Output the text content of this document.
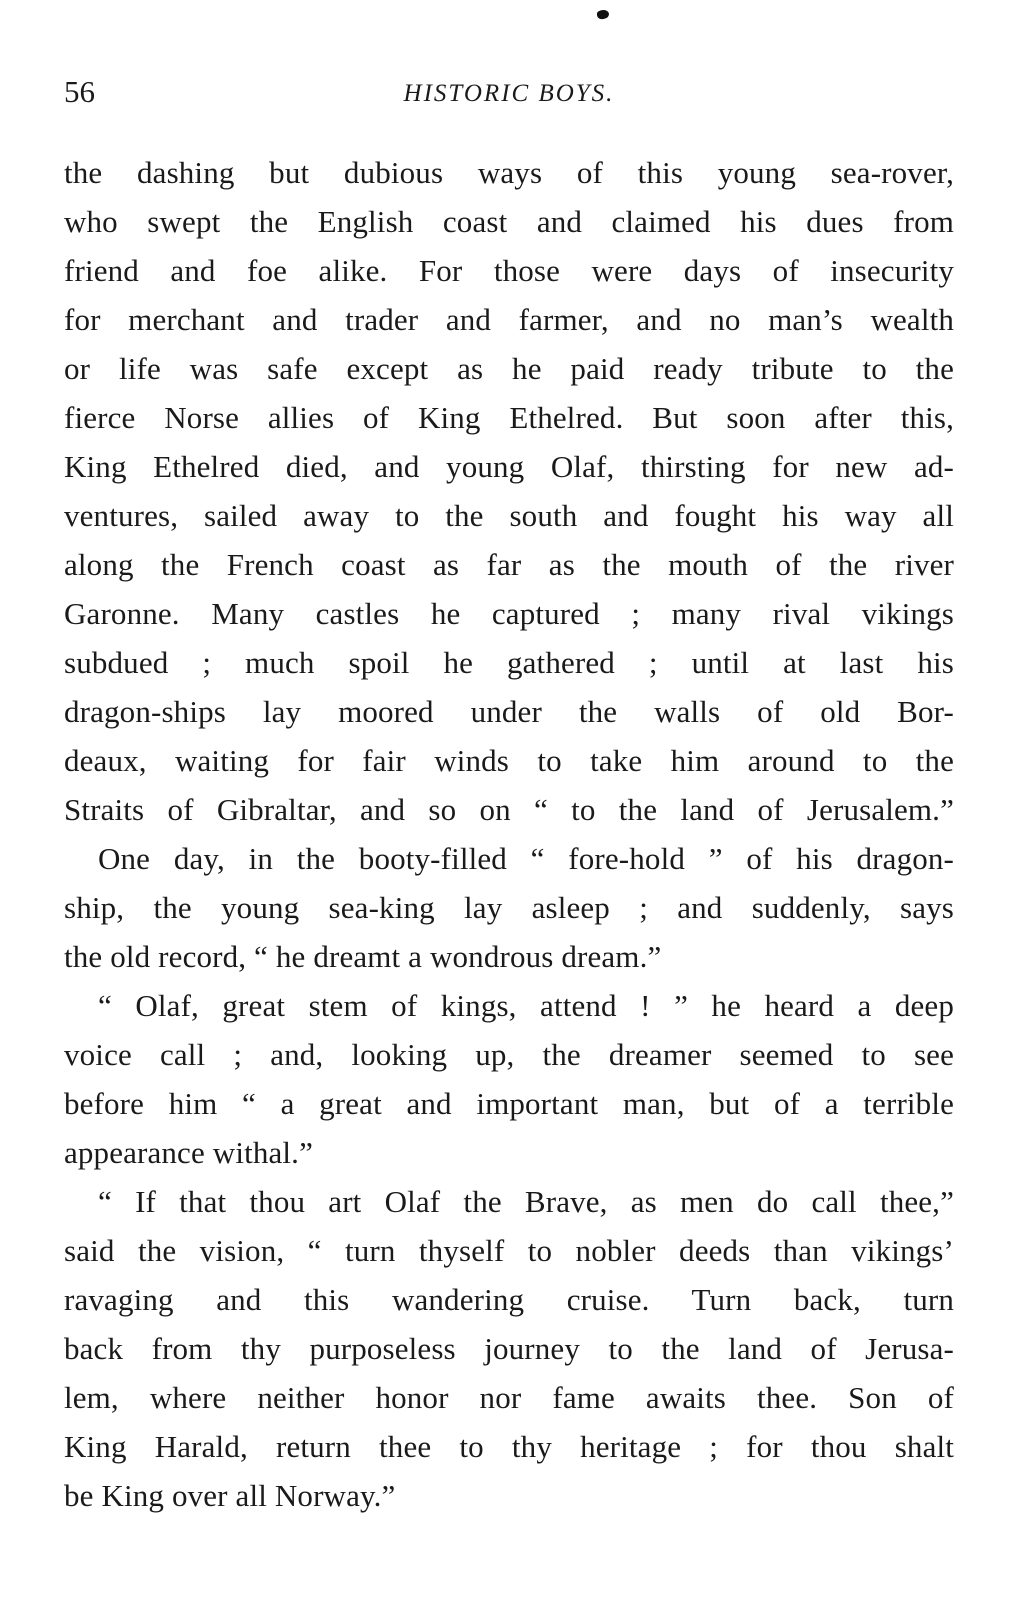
56	HISTORIC BOYS.
the dashing but dubious ways of this young sea-rover,
who swept the English coast and claimed his dues from
friend and foe alike. For those were days of insecurity
for merchant and trader and farmer, and no man’s wealth
or life was safe except as he paid ready tribute to the
fierce Norse allies of King Ethelred. But soon after this,
King Ethelred died, and young Olaf, thirsting for new ad-
ventures, sailed away to the south and fought his way all
along the French coast as far as the mouth of the river
Garonne. Many castles he captured ; many rival vikings
subdued ; much spoil he gathered ; until at last his
dragon-ships lay moored under the walls of old Bor-
deaux, waiting for fair winds to take him around to the
Straits of Gibraltar, and so on “ to the land of Jerusalem.”
One day, in the booty-filled “ fore-hold ” of his dragon-
ship, the young sea-king lay asleep ; and suddenly, says
the old record, “ he dreamt a wondrous dream.”
“ Olaf, great stem of kings, attend ! ” he heard a deep
voice call ; and, looking up, the dreamer seemed to see
before him “ a great and important man, but of a terrible
appearance withal.”
“ If that thou art Olaf the Brave, as men do call thee,”
said the vision, “ turn thyself to nobler deeds than vikings’
ravaging and this wandering cruise. Turn back, turn
back from thy purposeless journey to the land of Jerusa-
lem, where neither honor nor fame awaits thee. Son of
King Harald, return thee to thy heritage ; for thou shalt
be King over all Norway.”
